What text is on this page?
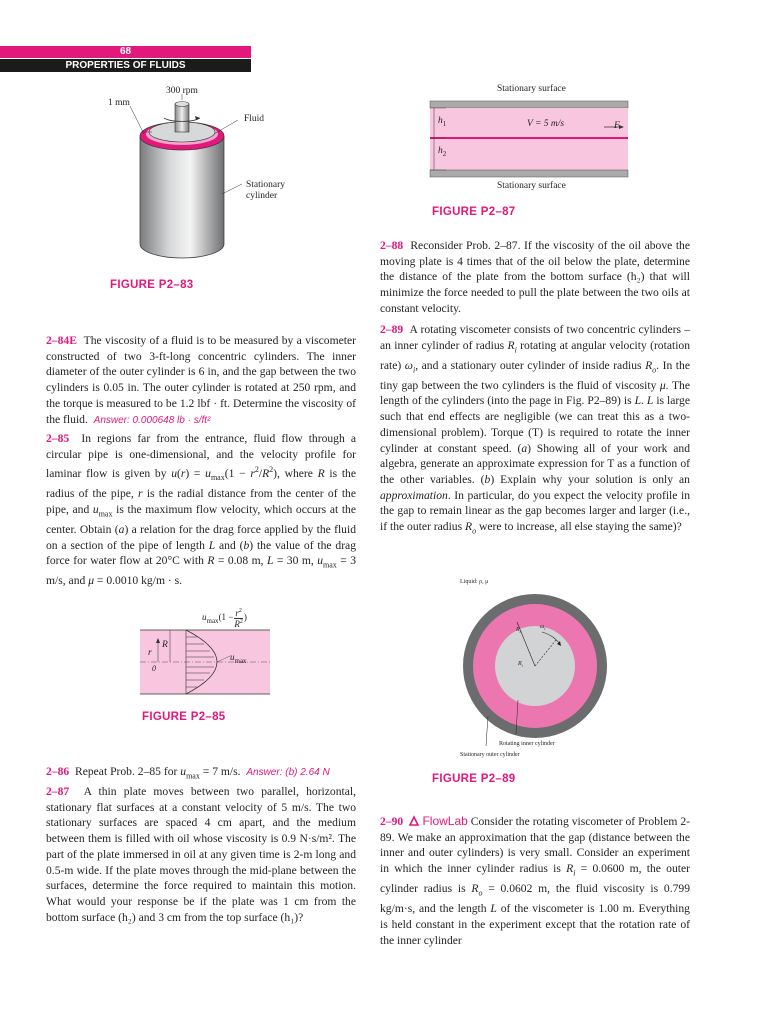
68
PROPERTIES OF FLUIDS
300 rpm
1 mm
Fluid
Stationary
cylinder
FIGURE P2–83
Stationary surface
$h_1$
$h_2$
V = 5 m/s	F
Stationary surface
FIGURE P2–87
2–84E The viscosity of a fluid is to be measured by a viscometer constructed of two 3-ft-long concentric cylinders. The inner diameter of the outer cylinder is 6 in, and the gap between the two cylinders is 0.05 in. The outer cylinder is rotated at 250 rpm, and the torque is measured to be 1.2 lbf · ft. Determine the viscosity of the fluid. Answer: 0.000648 lb · s/ft²
2–85  In regions far from the entrance, fluid flow through a circular pipe is one-dimensional, and the velocity profile for laminar flow is given by $u(r) = u_{max}(1 - r^2/R^2)$, where R is the radius of the pipe, r is the radial distance from the center of the pipe, and $u_{max}$ is the maximum flow velocity, which occurs at the center. Obtain (a) a relation for the drag force applied by the fluid on a section of the pipe of length L and (b) the value of the drag force for water flow at 20°C with R = 0.08 m, L = 30 m, $u_{max} = 3$ m/s, and μ = 0.0010 kg/m · s.
$u_{max}(1 - r^2$
$R^2$)
$u_{max}$
r
R
0
FIGURE P2–85
2–86  Repeat Prob. 2–85 for $u_{max} = 7$ m/s.  Answer: (b) 2.64 N
2–87 A thin plate moves between two parallel, horizontal, stationary flat surfaces at a constant velocity of 5 m/s. The two stationary surfaces are spaced 4 cm apart, and the medium between them is filled with oil whose viscosity is 0.9 N·s/m². The part of the plate immersed in oil at any given time is 2-m long and 0.5-m wide. If the plate moves through the mid-plane between the surfaces, determine the force required to maintain this motion. What would your response be if the plate was 1 cm from the bottom surface (h₂) and 3 cm from the top surface (h₁)?
2–88 Reconsider Prob. 2–87. If the viscosity of the oil above the moving plate is 4 times that of the oil below the plate, determine the distance of the plate from the bottom surface (h₂) that will minimize the force needed to pull the plate between the two oils at constant velocity.
2–89  A rotating viscometer consists of two concentric cylinders – an inner cylinder of radius $R_i$ rotating at angular velocity (rotation rate) $\omega_i$, and a stationary outer cylinder of inside radius $R_o$. In the tiny gap between the two cylinders is the fluid of viscosity μ. The length of the cylinders (into the page in Fig. P2–89) is L. L is large such that end effects are negligible (we can treat this as a two-dimensional problem). Torque (T) is required to rotate the inner cylinder at constant speed. (a) Showing all of your work and algebra, generate an approximate expression for T as a function of the other variables. (b) Explain why your solution is only an approximation. In particular, do you expect the velocity profile in the gap to remain linear as the gap becomes larger and larger (i.e., if the outer radius $R_o$ were to increase, all else staying the same)?
Liquid: ρ, μ
$R_o$
$\omega_i$
$R_i$
Rotating inner cylinder
Stationary outer cylinder
FIGURE P2–89
2–90 FlowLab Consider the rotating viscometer of Problem 2-89. We make an approximation that the gap (distance between the inner and outer cylinders) is very small. Consider an experiment in which the inner cylinder radius is $R_i = 0.0600$ m, the outer cylinder radius is $R_o = 0.0602$ m, the fluid viscosity is 0.799 kg/m·s, and the length L of the viscometer is 1.00 m. Everything is held constant in the experiment except that the rotation rate of the inner cylinder
